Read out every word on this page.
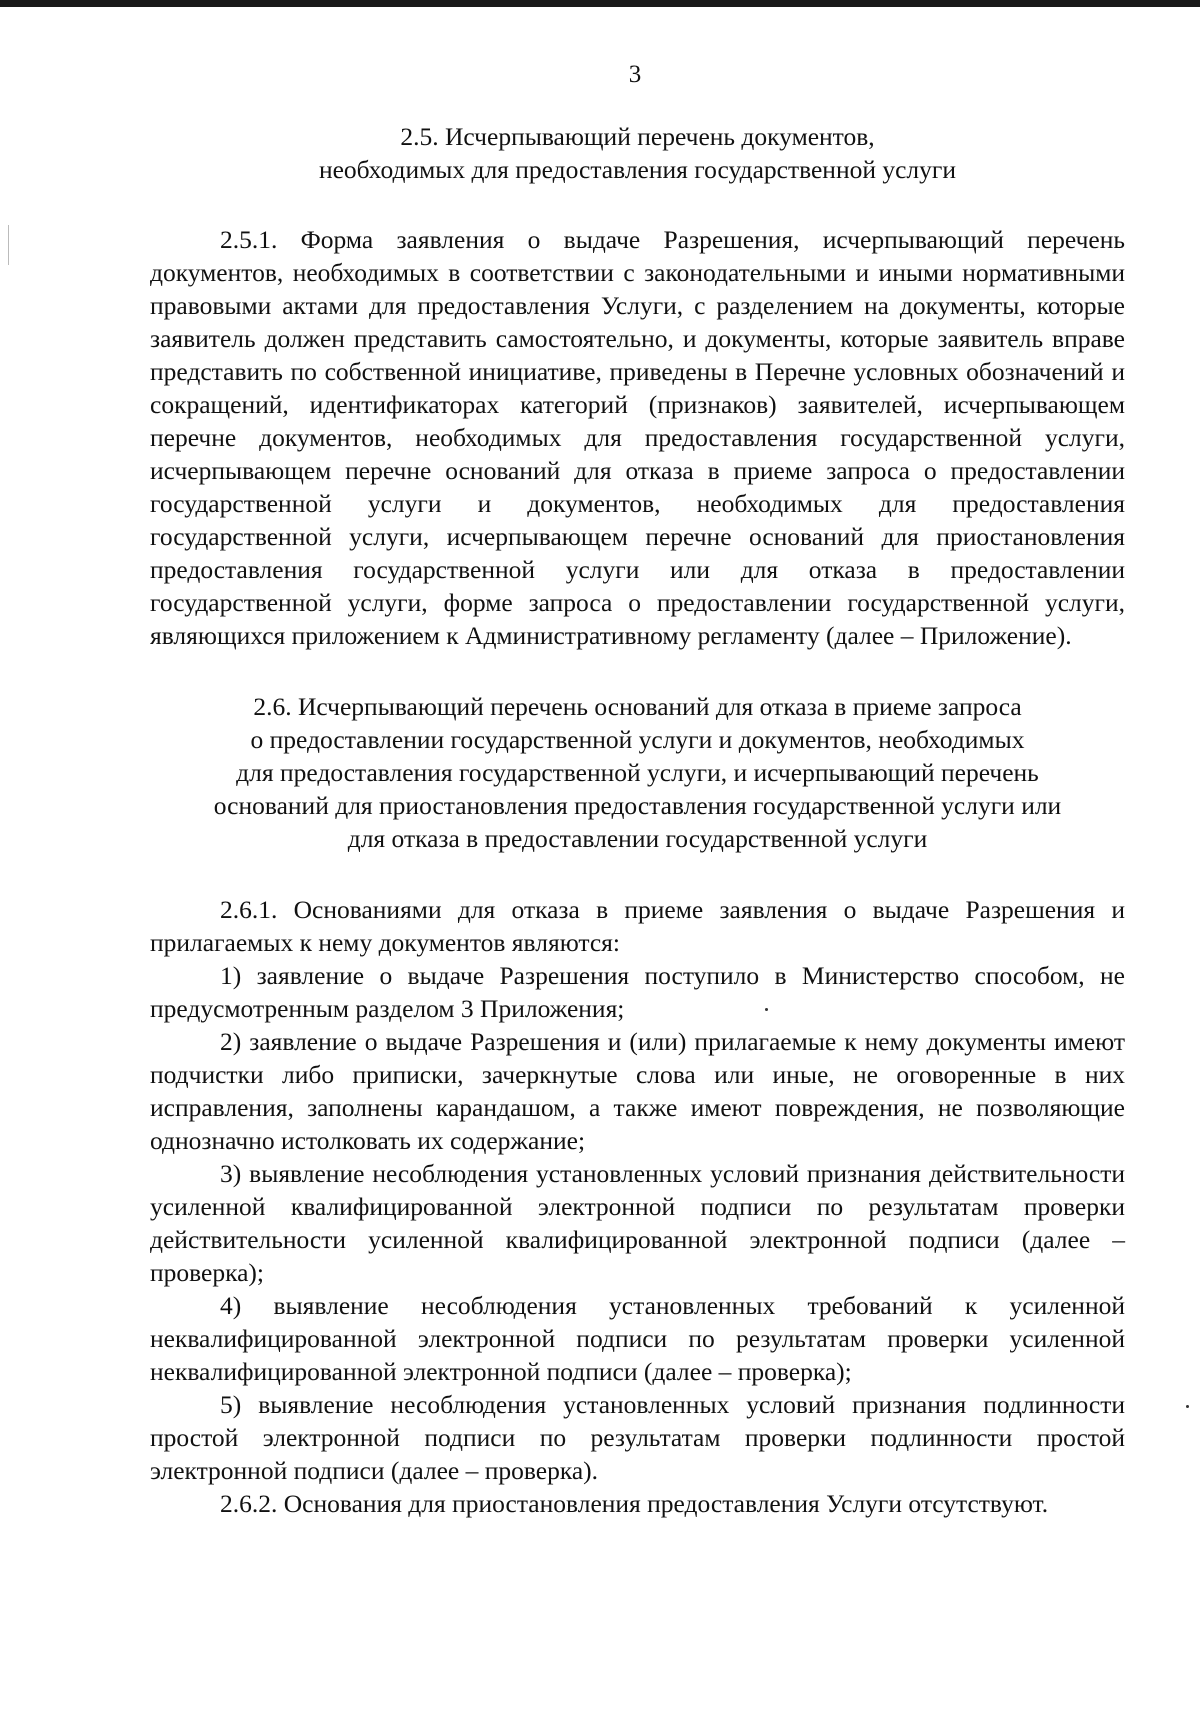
3
2.5. Исчерпывающий перечень документов,
необходимых для предоставления государственной услуги

2.5.1. Форма заявления о выдаче Разрешения, исчерпывающий перечень документов, необходимых в соответствии с законодательными и иными нормативными правовыми актами для предоставления Услуги, с разделением на документы, которые заявитель должен представить самостоятельно, и документы, которые заявитель вправе представить по собственной инициативе, приведены в Перечне условных обозначений и сокращений, идентификаторах категорий (признаков) заявителей, исчерпывающем перечне документов, необходимых для предоставления государственной услуги, исчерпывающем перечне оснований для отказа в приеме запроса о предоставлении государственной услуги и документов, необходимых для предоставления государственной услуги, исчерпывающем перечне оснований для приостановления предоставления государственной услуги или для отказа в предоставлении государственной услуги, форме запроса о предоставлении государственной услуги, являющихся приложением к Административному регламенту (далее – Приложение).

2.6. Исчерпывающий перечень оснований для отказа в приеме запроса
о предоставлении государственной услуги и документов, необходимых
для предоставления государственной услуги, и исчерпывающий перечень
оснований для приостановления предоставления государственной услуги или
для отказа в предоставлении государственной услуги

2.6.1. Основаниями для отказа в приеме заявления о выдаче Разрешения и прилагаемых к нему документов являются:

1) заявление о выдаче Разрешения поступило в Министерство способом, не предусмотренным разделом 3 Приложения;

2) заявление о выдаче Разрешения и (или) прилагаемые к нему документы имеют подчистки либо приписки, зачеркнутые слова или иные, не оговоренные в них исправления, заполнены карандашом, а также имеют повреждения, не позволяющие однозначно истолковать их содержание;

3) выявление несоблюдения установленных условий признания действительности усиленной квалифицированной электронной подписи по результатам проверки действительности усиленной квалифицированной электронной подписи (далее – проверка);

4) выявление несоблюдения установленных требований к усиленной неквалифицированной электронной подписи по результатам проверки усиленной неквалифицированной электронной подписи (далее – проверка);

5) выявление несоблюдения установленных условий признания подлинности простой электронной подписи по результатам проверки подлинности простой электронной подписи (далее – проверка).

2.6.2. Основания для приостановления предоставления Услуги отсутствуют.
